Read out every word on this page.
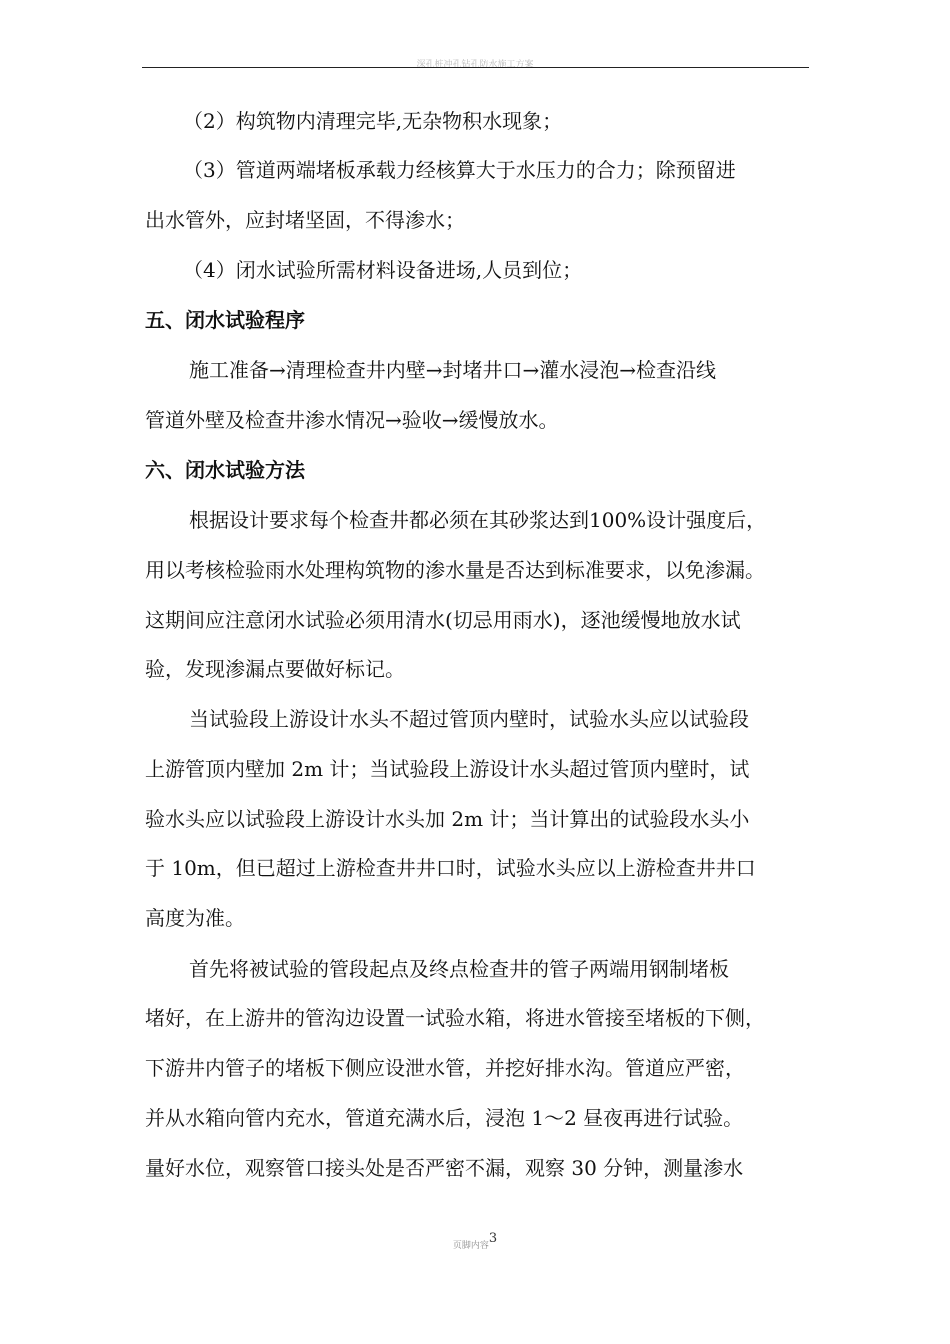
深孔桩冲孔钻孔防水施工方案
（2）构筑物内清理完毕,无杂物积水现象；
（3）管道两端堵板承载力经核算大于水压力的合力；除预留进
出水管外，应封堵坚固，不得渗水；
（4）闭水试验所需材料设备进场,人员到位；
五、闭水试验程序
施工准备→清理检查井内壁→封堵井口→灌水浸泡→检查沿线
管道外壁及检查井渗水情况→验收→缓慢放水。
六、闭水试验方法
根据设计要求每个检查井都必须在其砂浆达到100%设计强度后，
用以考核检验雨水处理构筑物的渗水量是否达到标准要求，以免渗漏。
这期间应注意闭水试验必须用清水(切忌用雨水)，逐池缓慢地放水试
验，发现渗漏点要做好标记。
当试验段上游设计水头不超过管顶内壁时，试验水头应以试验段
上游管顶内壁加 2m 计；当试验段上游设计水头超过管顶内壁时，试
验水头应以试验段上游设计水头加 2m 计；当计算出的试验段水头小
于 10m，但已超过上游检查井井口时，试验水头应以上游检查井井口
高度为准。
首先将被试验的管段起点及终点检查井的管子两端用钢制堵板
堵好，在上游井的管沟边设置一试验水箱，将进水管接至堵板的下侧，
下游井内管子的堵板下侧应设泄水管，并挖好排水沟。管道应严密，
并从水箱向管内充水，管道充满水后，浸泡 1～2 昼夜再进行试验。
量好水位，观察管口接头处是否严密不漏，观察 30 分钟，测量渗水
页脚内容$^3$
